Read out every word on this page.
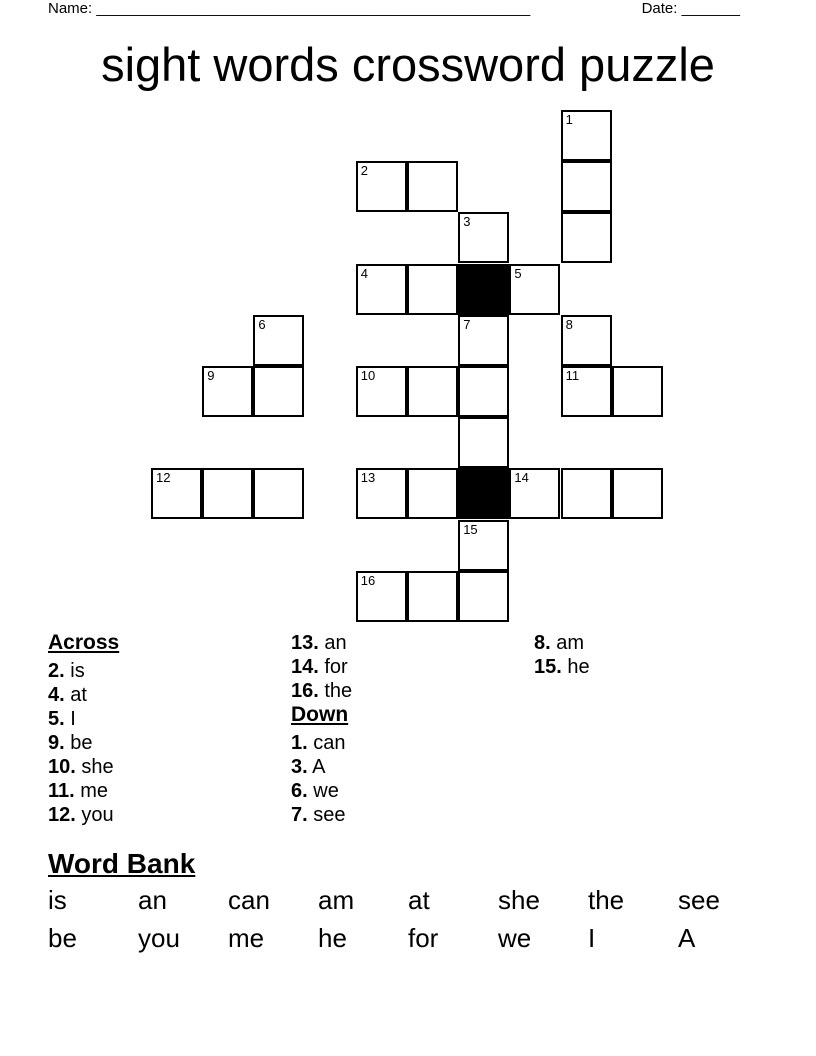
Name: ____________________________________________________	Date: _______
sight words crossword puzzle
1
2
3
4	5
6	7	8
9	10	11
12	13	14
15
16
Across
2. is
4. at
5. I
9. be
10. she
11. me
12. you
13. an
14. for
16. the
Down
1. can
3. A
6. we
7. see
8. am
15. he
Word Bank
is	an can am at	she the see
be you me he for we I	A
